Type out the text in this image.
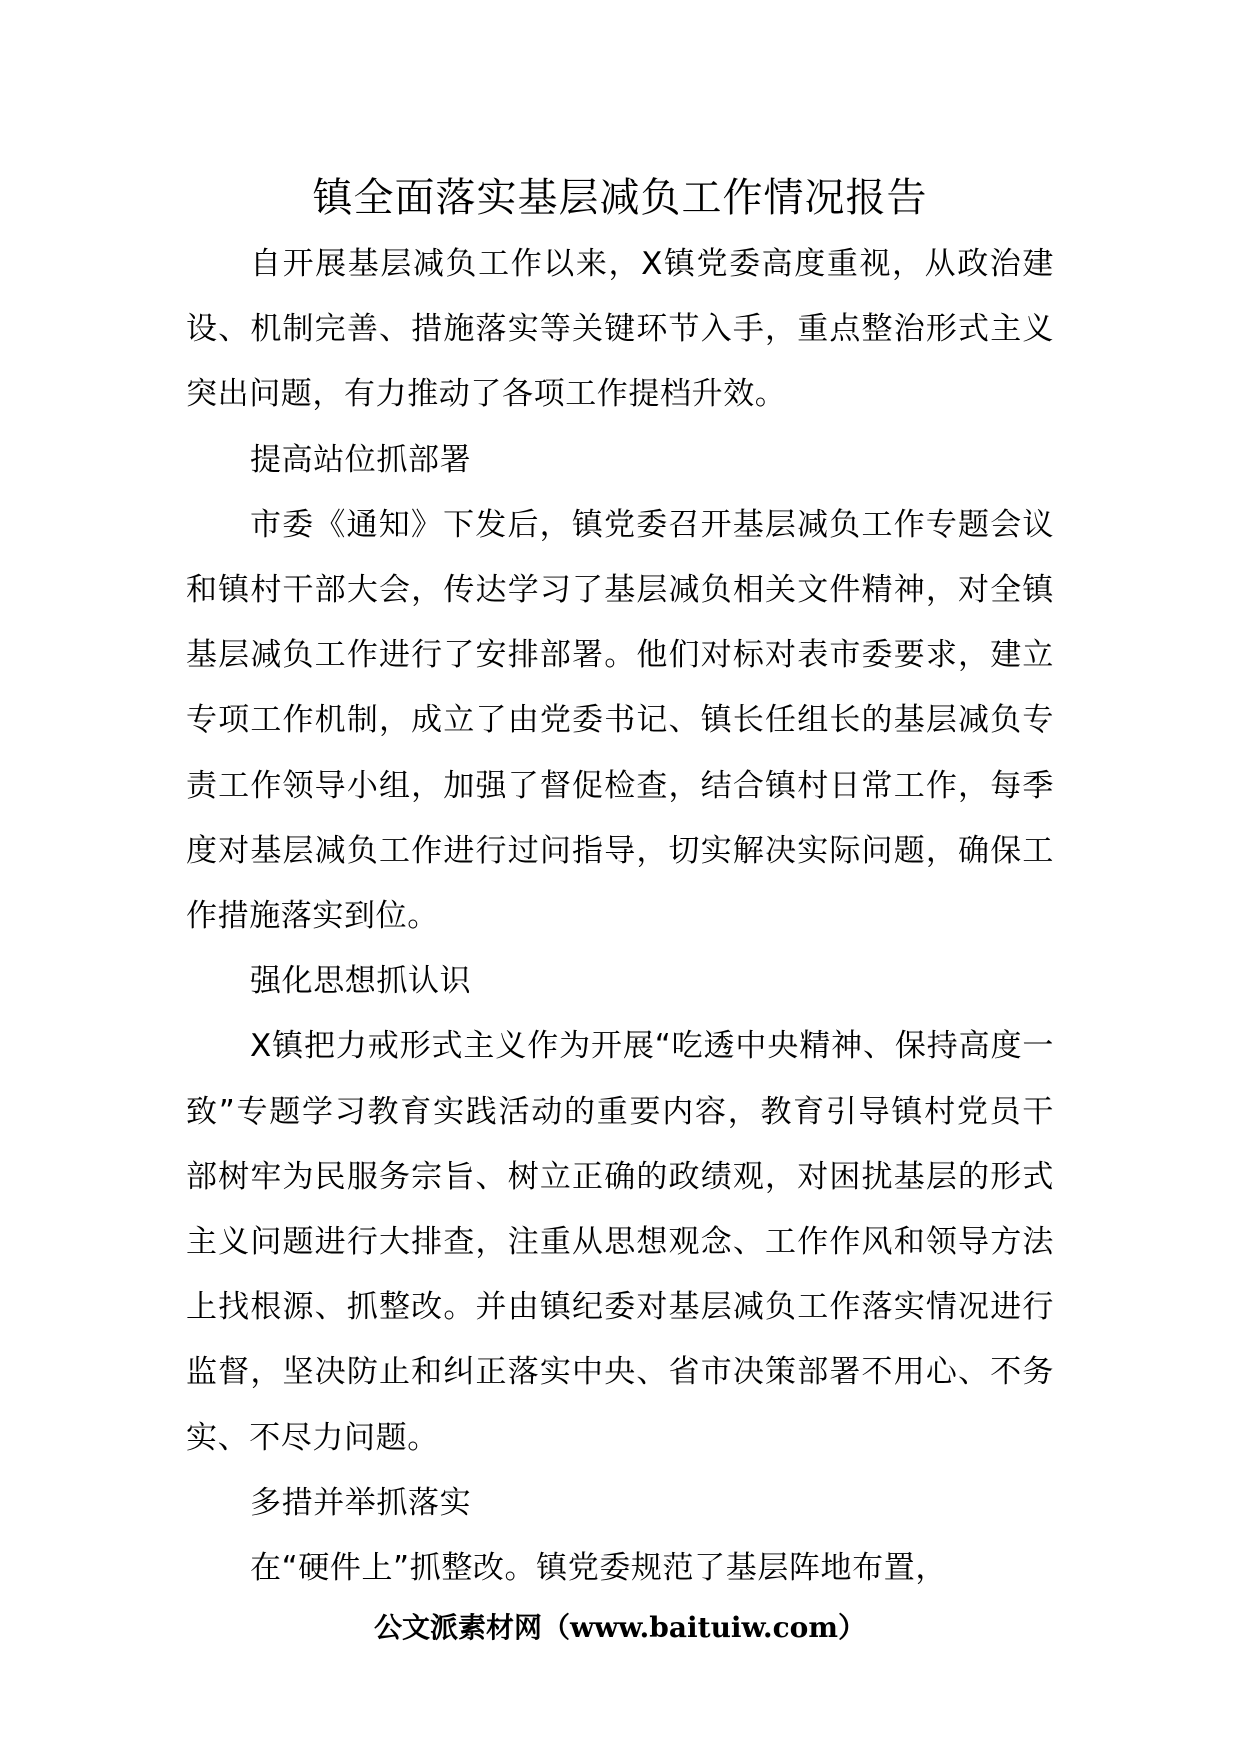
镇全面落实基层减负工作情况报告

自开展基层减负工作以来，X镇党委高度重视，从政治建设、机制完善、措施落实等关键环节入手，重点整治形式主义突出问题，有力推动了各项工作提档升效。

提高站位抓部署

市委《通知》下发后，镇党委召开基层减负工作专题会议和镇村干部大会，传达学习了基层减负相关文件精神，对全镇基层减负工作进行了安排部署。他们对标对表市委要求，建立专项工作机制，成立了由党委书记、镇长任组长的基层减负专责工作领导小组，加强了督促检查，结合镇村日常工作，每季度对基层减负工作进行过问指导，切实解决实际问题，确保工作措施落实到位。

强化思想抓认识

X镇把力戒形式主义作为开展“吃透中央精神、保持高度一致”专题学习教育实践活动的重要内容，教育引导镇村党员干部树牢为民服务宗旨、树立正确的政绩观，对困扰基层的形式主义问题进行大排查，注重从思想观念、工作作风和领导方法上找根源、抓整改。并由镇纪委对基层减负工作落实情况进行监督，坚决防止和纠正落实中央、省市决策部署不用心、不务实、不尽力问题。

多措并举抓落实

在“硬件上”抓整改。镇党委规范了基层阵地布置，

公文派素材网（www.baituiw.com）
